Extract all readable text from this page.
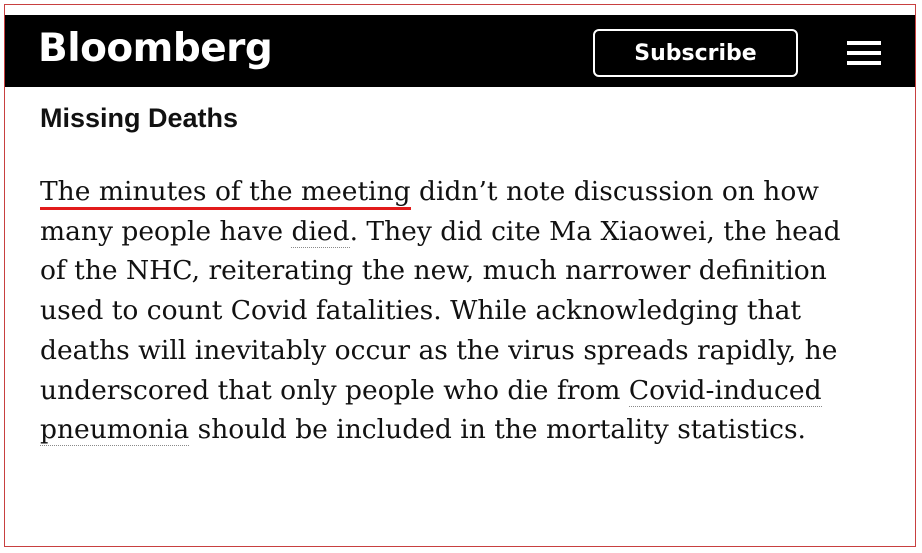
Bloomberg	Subscribe
Missing Deaths

The minutes of the meeting didn’t note discussion on how many people have died. They did cite Ma Xiaowei, the head of the NHC, reiterating the new, much narrower definition used to count Covid fatalities. While acknowledging that deaths will inevitably occur as the virus spreads rapidly, he underscored that only people who die from Covid-induced pneumonia should be included in the mortality statistics.
